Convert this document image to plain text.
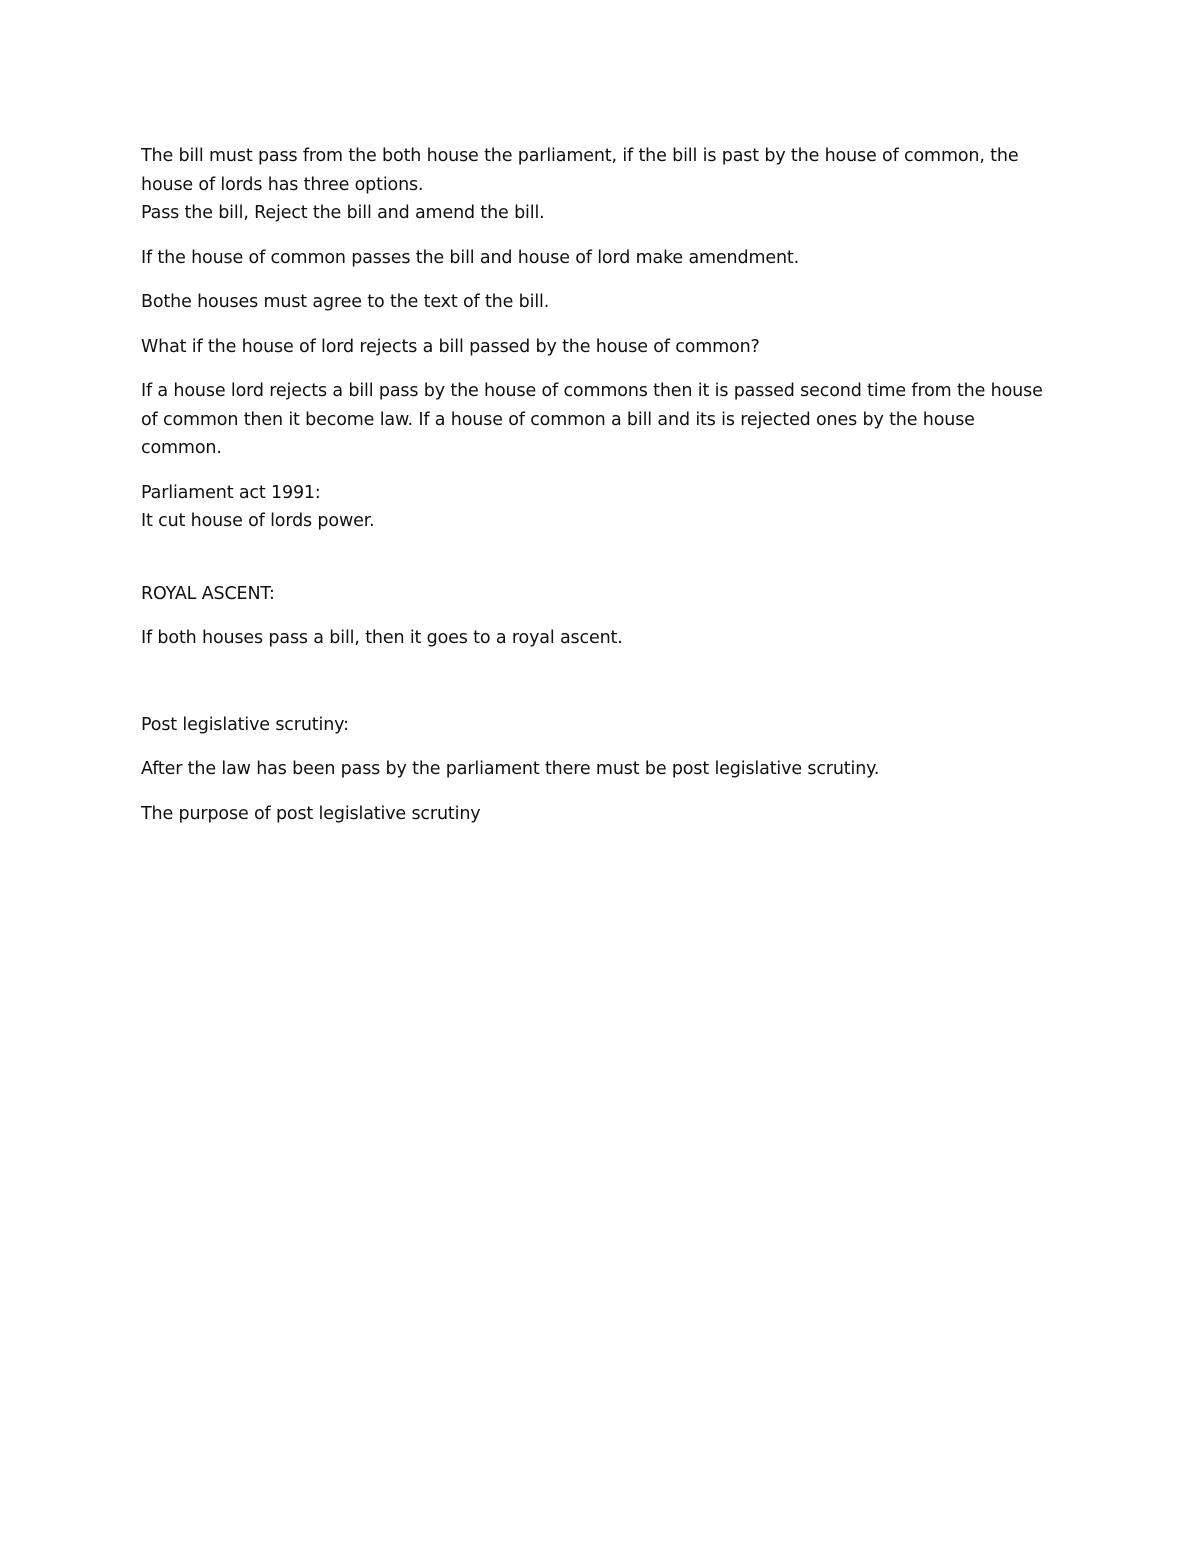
The bill must pass from the both house the parliament, if the bill is past by the house of common, the
house of lords has three options.
Pass the bill, Reject the bill and amend the bill.

If the house of common passes the bill and house of lord make amendment.

Bothe houses must agree to the text of the bill.

What if the house of lord rejects a bill passed by the house of common?

If a house lord rejects a bill pass by the house of commons then it is passed second time from the house
of common then it become law. If a house of common a bill and its is rejected ones by the house
common.

Parliament act 1991:
It cut house of lords power.

ROYAL ASCENT:

If both houses pass a bill, then it goes to a royal ascent.

Post legislative scrutiny:

After the law has been pass by the parliament there must be post legislative scrutiny.

The purpose of post legislative scrutiny
